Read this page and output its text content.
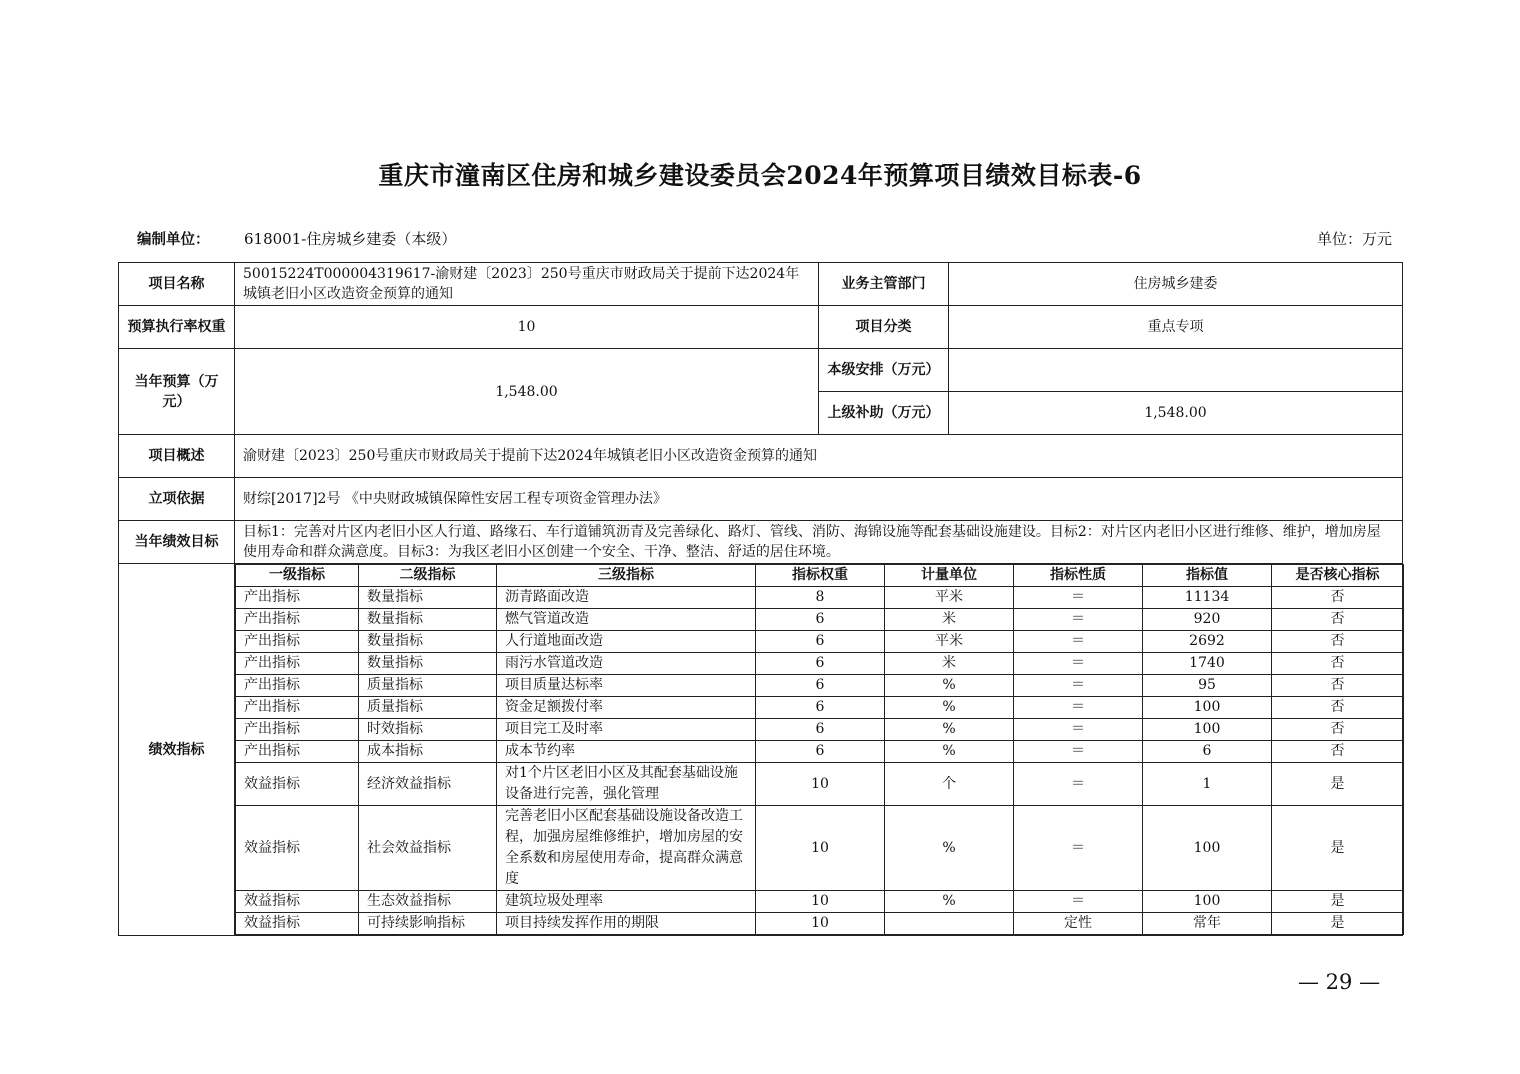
重庆市潼南区住房和城乡建设委员会2024年预算项目绩效目标表-6
编制单位： 618001-住房城乡建委（本级）	单位：万元
项目名称	50015224T000004319617-渝财建〔2023〕250号重庆市财政局关于提前下达2024年城镇老旧小区改造资金预算的通知	业务主管部门	住房城乡建委
预算执行率权重	10	项目分类	重点专项
当年预算（万元）	1,548.00	本级安排（万元）	
上级补助（万元）	1,548.00
项目概述	渝财建〔2023〕250号重庆市财政局关于提前下达2024年城镇老旧小区改造资金预算的通知
立项依据	财综[2017]2号 《中央财政城镇保障性安居工程专项资金管理办法》
当年绩效目标	目标1：完善对片区内老旧小区人行道、路缘石、车行道铺筑沥青及完善绿化、路灯、管线、消防、海锦设施等配套基础设施建设。目标2：对片区内老旧小区进行维修、维护，增加房屋使用寿命和群众满意度。目标3：为我区老旧小区创建一个安全、干净、整洁、舒适的居住环境。
绩效指标	
一级指标	二级指标	三级指标	指标权重	计量单位	指标性质	指标值	是否核心指标
产出指标	数量指标	沥青路面改造	8	平米	＝	11134	否
产出指标	数量指标	燃气管道改造	6	米	＝	920	否
产出指标	数量指标	人行道地面改造	6	平米	＝	2692	否
产出指标	数量指标	雨污水管道改造	6	米	＝	1740	否
产出指标	质量指标	项目质量达标率	6	%	＝	95	否
产出指标	质量指标	资金足额拨付率	6	%	＝	100	否
产出指标	时效指标	项目完工及时率	6	%	＝	100	否
产出指标	成本指标	成本节约率	6	%	＝	6	否
效益指标	经济效益指标	对1个片区老旧小区及其配套基础设施设备进行完善，强化管理	10	个	＝	1	是
效益指标	社会效益指标	完善老旧小区配套基础设施设备改造工程，加强房屋维修维护，增加房屋的安全系数和房屋使用寿命，提高群众满意度	10	%	＝	100	是
效益指标	生态效益指标	建筑垃圾处理率	10	%	＝	100	是
效益指标	可持续影响指标	项目持续发挥作用的期限	10		定性	常年	是
— 29 —
